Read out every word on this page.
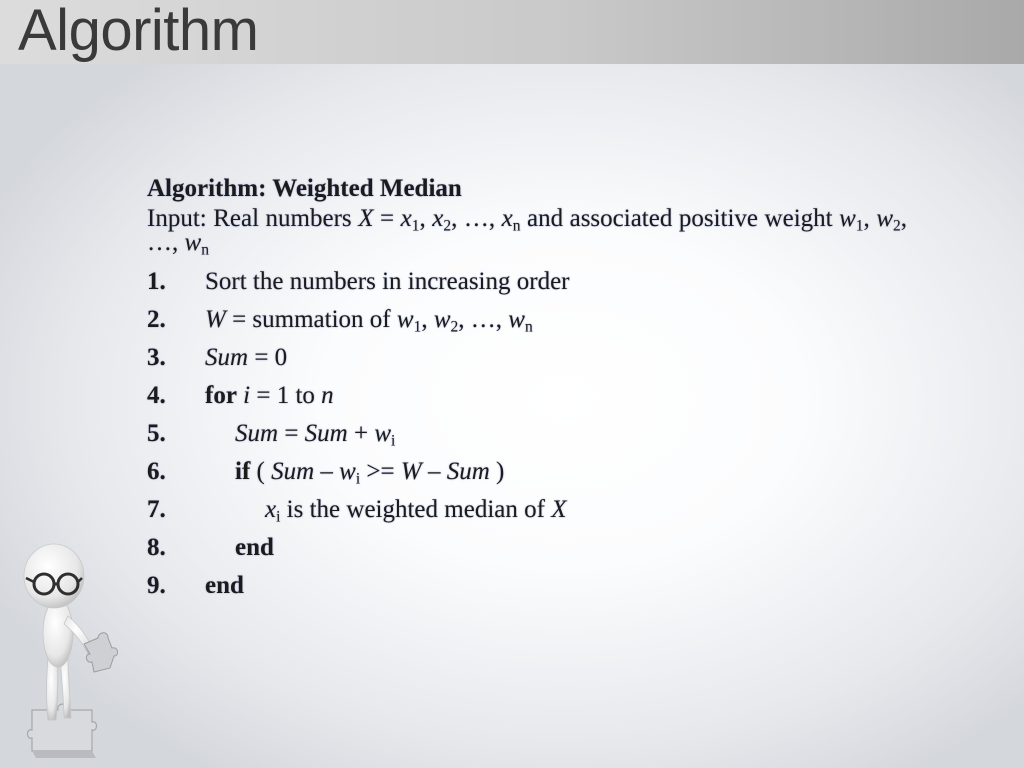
Algorithm
Algorithm: Weighted Median
Input: Real numbers $X = x_1$, $x_2$, …, $x_n$ and associated positive weight $w_1$, $w_2$, …, $w_n$
1. Sort the numbers in increasing order
2. W = summation of $w_1$, $w_2$, …, $w_n$
3. Sum = 0
4. for i = 1 to n
5.	Sum = Sum + $w_i$
6.	if ( Sum – $w_i >= W$ – Sum )
7.	$x_i$ is the weighted median of X
8.	end
9. end
